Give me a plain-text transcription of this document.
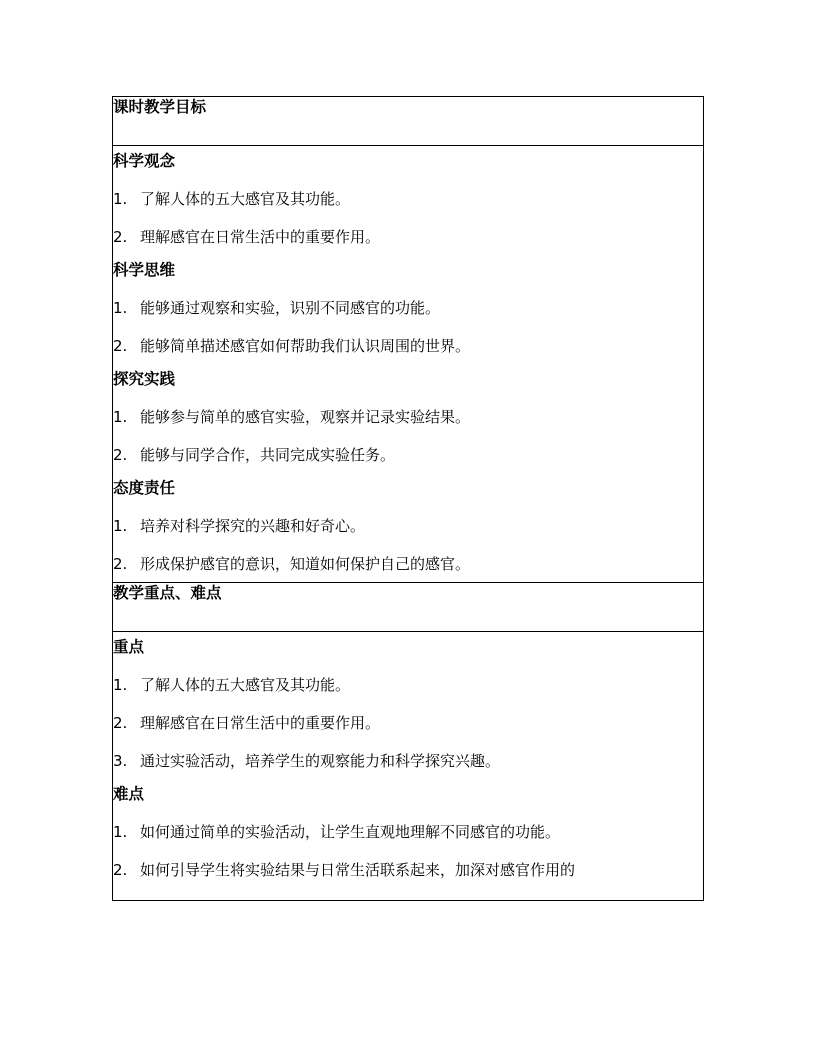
课时教学目标

科学观念
1. 了解人体的五大感官及其功能。
2. 理解感官在日常生活中的重要作用。
科学思维
1. 能够通过观察和实验，识别不同感官的功能。
2. 能够简单描述感官如何帮助我们认识周围的世界。
探究实践
1. 能够参与简单的感官实验，观察并记录实验结果。
2. 能够与同学合作，共同完成实验任务。
态度责任
1. 培养对科学探究的兴趣和好奇心。
2. 形成保护感官的意识，知道如何保护自己的感官。

教学重点、难点

重点
1. 了解人体的五大感官及其功能。
2. 理解感官在日常生活中的重要作用。
3. 通过实验活动，培养学生的观察能力和科学探究兴趣。
难点
1. 如何通过简单的实验活动，让学生直观地理解不同感官的功能。
2. 如何引导学生将实验结果与日常生活联系起来，加深对感官作用的
